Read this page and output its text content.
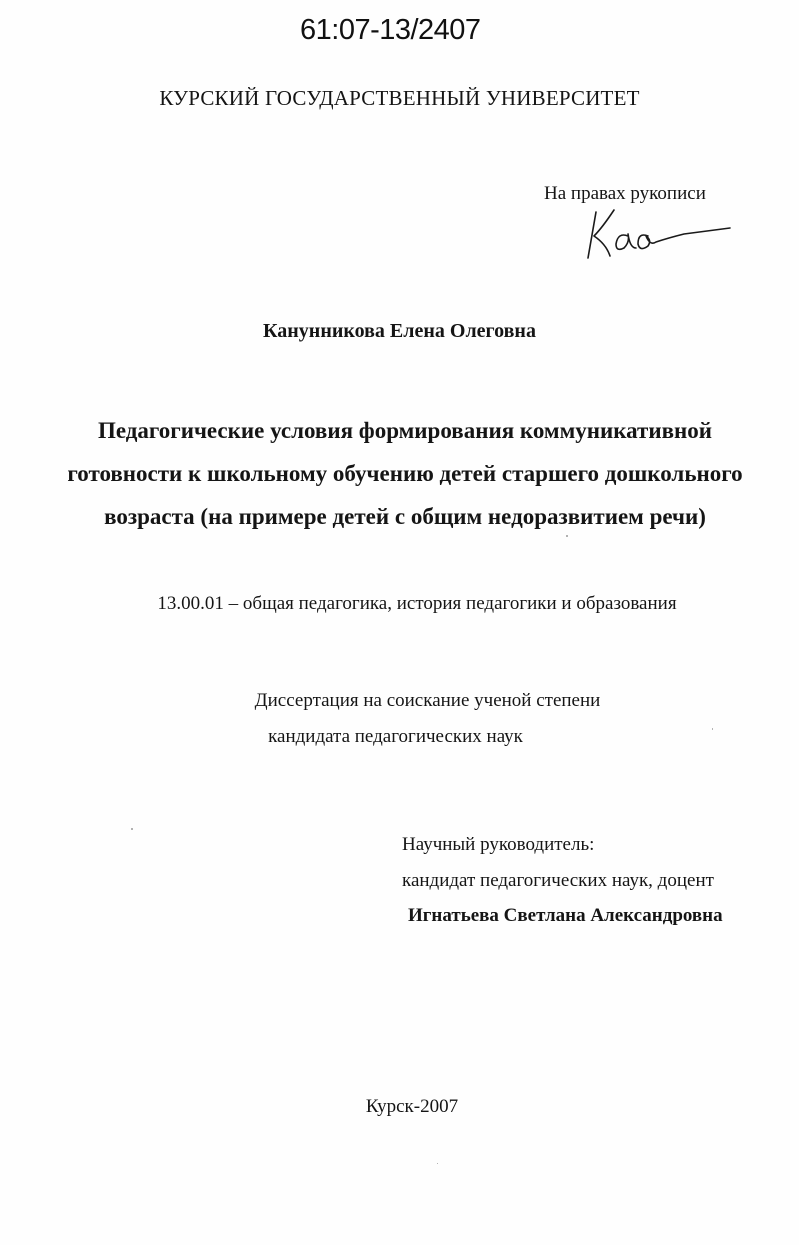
61:07-13/2407
КУРСКИЙ ГОСУДАРСТВЕННЫЙ УНИВЕРСИТЕТ
На правах рукописи
Канунникова Елена Олеговна
Педагогические условия формирования коммуникативной
готовности к школьному обучению детей старшего дошкольного
возраста (на примере детей с общим недоразвитием речи)
13.00.01 – общая педагогика, история педагогики и образования
Диссертация на соискание ученой степени
кандидата педагогических наук
Научный руководитель:
кандидат педагогических наук, доцент
Игнатьева Светлана Александровна
Курск-2007
